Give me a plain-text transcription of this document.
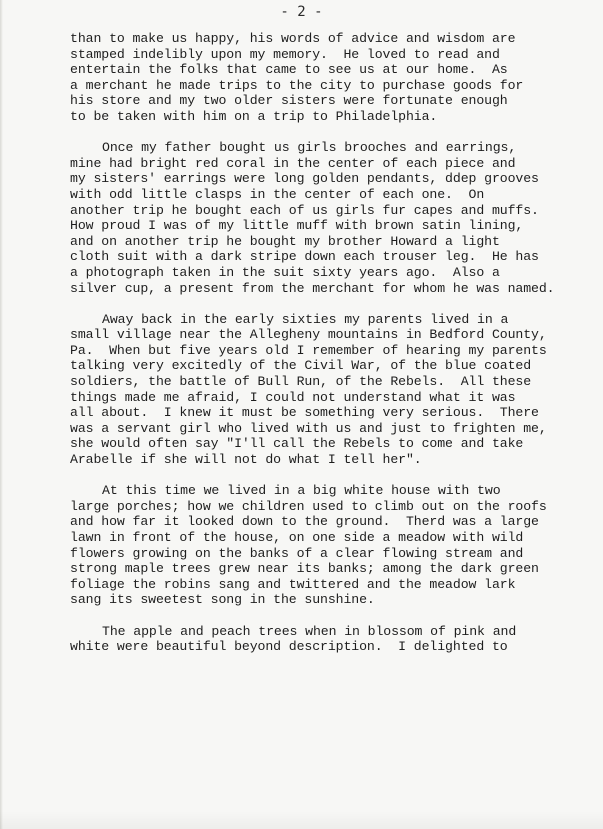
- 2 -
than to make us happy, his words of advice and wisdom are
stamped indelibly upon my memory.  He loved to read and
entertain the folks that came to see us at our home.  As
a merchant he made trips to the city to purchase goods for
his store and my two older sisters were fortunate enough
to be taken with him on a trip to Philadelphia.
Once my father bought us girls brooches and earrings,
mine had bright red coral in the center of each piece and
my sisters' earrings were long golden pendants, ddep grooves
with odd little clasps in the center of each one.  On
another trip he bought each of us girls fur capes and muffs.
How proud I was of my little muff with brown satin lining,
and on another trip he bought my brother Howard a light
cloth suit with a dark stripe down each trouser leg.  He has
a photograph taken in the suit sixty years ago.  Also a
silver cup, a present from the merchant for whom he was named.
Away back in the early sixties my parents lived in a
small village near the Allegheny mountains in Bedford County,
Pa.  When but five years old I remember of hearing my parents
talking very excitedly of the Civil War, of the blue coated
soldiers, the battle of Bull Run, of the Rebels.  All these
things made me afraid, I could not understand what it was
all about.  I knew it must be something very serious.  There
was a servant girl who lived with us and just to frighten me,
she would often say "I'll call the Rebels to come and take
Arabelle if she will not do what I tell her".
At this time we lived in a big white house with two
large porches; how we children used to climb out on the roofs
and how far it looked down to the ground.  Therd was a large
lawn in front of the house, on one side a meadow with wild
flowers growing on the banks of a clear flowing stream and
strong maple trees grew near its banks; among the dark green
foliage the robins sang and twittered and the meadow lark
sang its sweetest song in the sunshine.
The apple and peach trees when in blossom of pink and
white were beautiful beyond description.  I delighted to
